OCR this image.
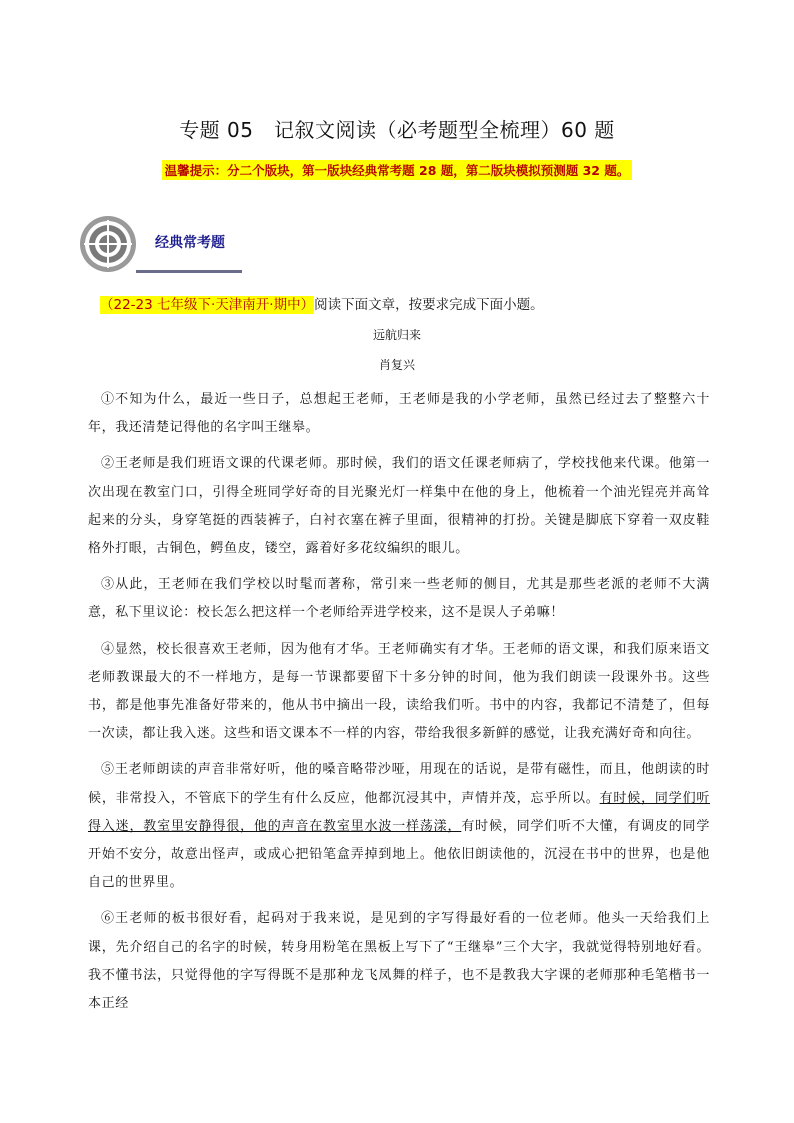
专题 05　记叙文阅读（必考题型全梳理）60 题
温馨提示：分二个版块，第一版块经典常考题 28 题，第二版块模拟预测题 32 题。
经典常考题
（22-23 七年级下·天津南开·期中）阅读下面文章，按要求完成下面小题。
远航归来
肖复兴

①不知为什么，最近一些日子，总想起王老师，王老师是我的小学老师，虽然已经过去了整整六十年，我还清楚记得他的名字叫王继皋。

②王老师是我们班语文课的代课老师。那时候，我们的语文任课老师病了，学校找他来代课。他第一次出现在教室门口，引得全班同学好奇的目光聚光灯一样集中在他的身上，他梳着一个油光锃亮并高耸起来的分头，身穿笔挺的西装裤子，白衬衣塞在裤子里面，很精神的打扮。关键是脚底下穿着一双皮鞋格外打眼，古铜色，鳄鱼皮，镂空，露着好多花纹编织的眼儿。

③从此，王老师在我们学校以时髦而著称，常引来一些老师的侧目，尤其是那些老派的老师不大满意，私下里议论：校长怎么把这样一个老师给弄进学校来，这不是误人子弟嘛！

④显然，校长很喜欢王老师，因为他有才华。王老师确实有才华。王老师的语文课，和我们原来语文老师教课最大的不一样地方，是每一节课都要留下十多分钟的时间，他为我们朗读一段课外书。这些书，都是他事先准备好带来的，他从书中摘出一段，读给我们听。书中的内容，我都记不清楚了，但每一次读，都让我入迷。这些和语文课本不一样的内容，带给我很多新鲜的感觉，让我充满好奇和向往。

⑤王老师朗读的声音非常好听，他的嗓音略带沙哑，用现在的话说，是带有磁性，而且，他朗读的时候，非常投入，不管底下的学生有什么反应，他都沉浸其中，声情并茂，忘乎所以。有时候，同学们听得入迷，教室里安静得很，他的声音在教室里水波一样荡漾，有时候，同学们听不大懂，有调皮的同学开始不安分，故意出怪声，或成心把铅笔盒弄掉到地上。他依旧朗读他的，沉浸在书中的世界，也是他自己的世界里。

⑥王老师的板书很好看，起码对于我来说，是见到的字写得最好看的一位老师。他头一天给我们上课，先介绍自己的名字的时候，转身用粉笔在黑板上写下了“王继皋”三个大字，我就觉得特别地好看。我不懂书法，只觉得他的字写得既不是那种龙飞凤舞的样子，也不是教我大字课的老师那种毛笔楷书一本正经
